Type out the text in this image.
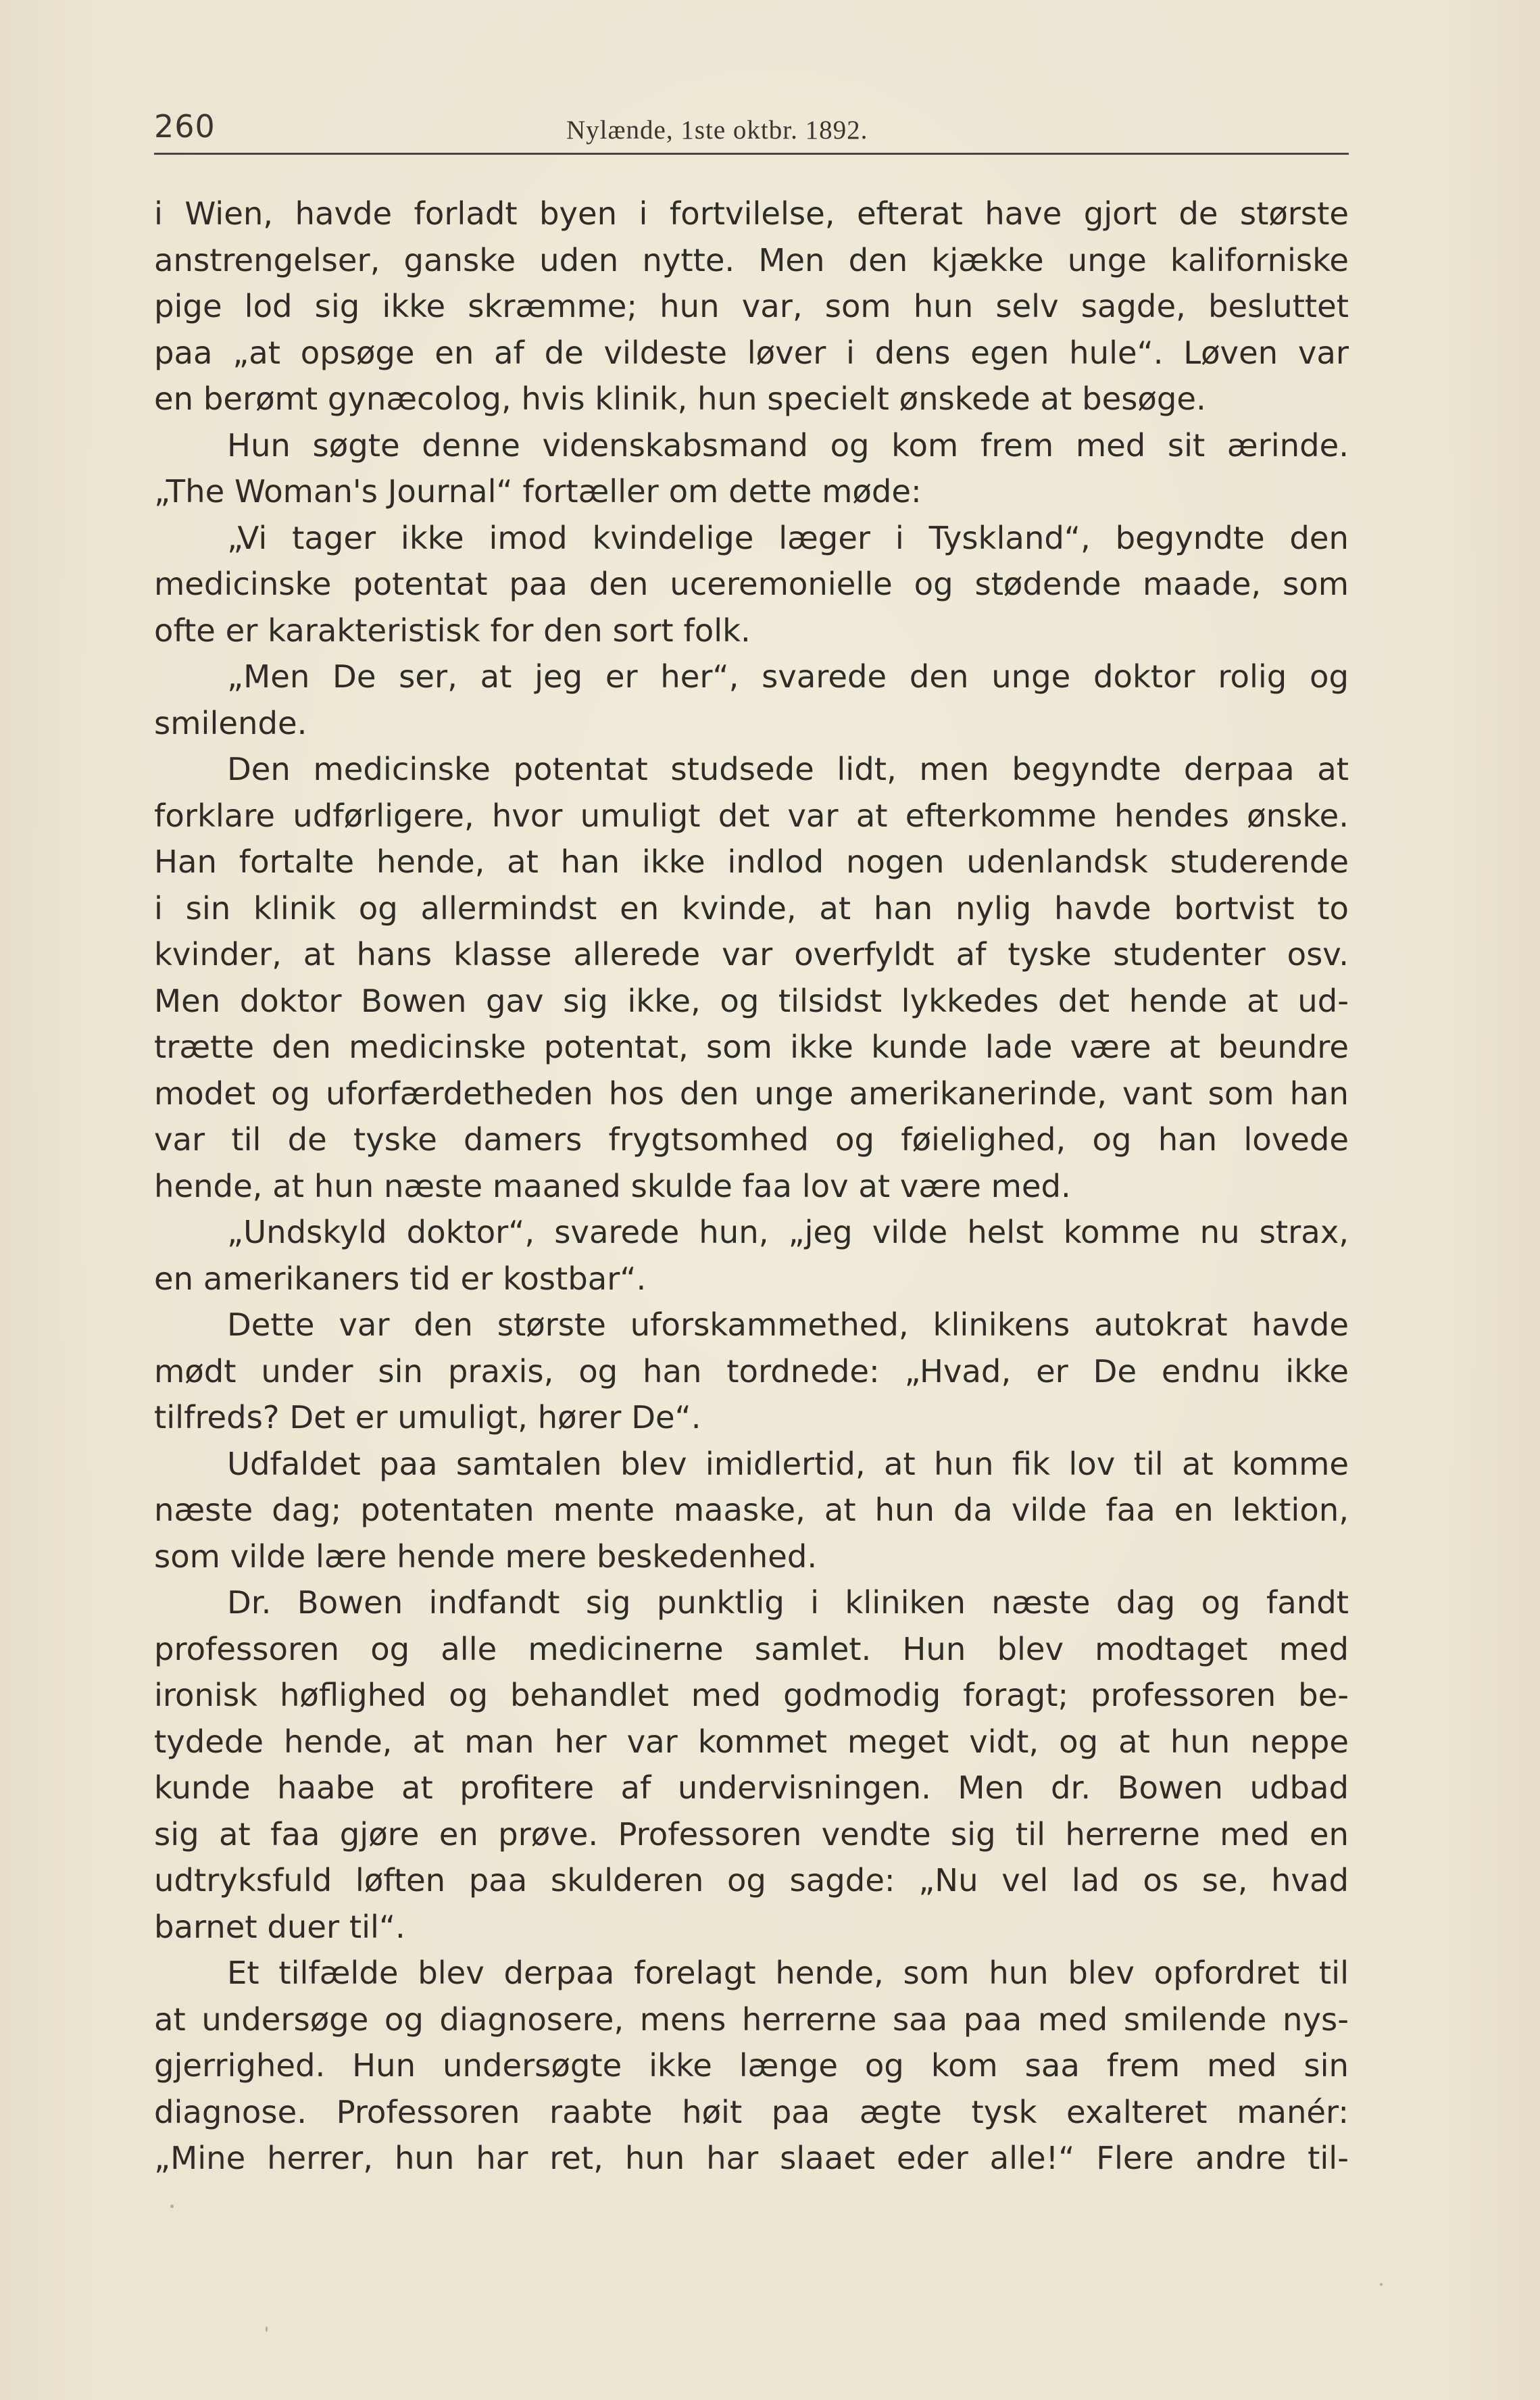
260	Nylænde, 1ste oktbr. 1892.
i Wien, havde forladt byen i fortvilelse, efterat have gjort de største
anstrengelser, ganske uden nytte. Men den kjække unge kaliforniske
pige lod sig ikke skræmme; hun var, som hun selv sagde, besluttet
paa „at opsøge en af de vildeste løver i dens egen hule“. Løven var
en berømt gynæcolog, hvis klinik, hun specielt ønskede at besøge.
Hun søgte denne videnskabsmand og kom frem med sit ærinde.
„The Woman's Journal“ fortæller om dette møde:
„Vi tager ikke imod kvindelige læger i Tyskland“, begyndte den
medicinske potentat paa den uceremonielle og stødende maade, som
ofte er karakteristisk for den sort folk.
„Men De ser, at jeg er her“, svarede den unge doktor rolig og
smilende.
Den medicinske potentat studsede lidt, men begyndte derpaa at
forklare udførligere, hvor umuligt det var at efterkomme hendes ønske.
Han fortalte hende, at han ikke indlod nogen udenlandsk studerende
i sin klinik og allermindst en kvinde, at han nylig havde bortvist to
kvinder, at hans klasse allerede var overfyldt af tyske studenter osv.
Men doktor Bowen gav sig ikke, og tilsidst lykkedes det hende at ud-
trætte den medicinske potentat, som ikke kunde lade være at beundre
modet og uforfærdetheden hos den unge amerikanerinde, vant som han
var til de tyske damers frygtsomhed og føielighed, og han lovede
hende, at hun næste maaned skulde faa lov at være med.
„Undskyld doktor“, svarede hun, „jeg vilde helst komme nu strax,
en amerikaners tid er kostbar“.
Dette var den største uforskammethed, klinikens autokrat havde
mødt under sin praxis, og han tordnede: „Hvad, er De endnu ikke
tilfreds? Det er umuligt, hører De“.
Udfaldet paa samtalen blev imidlertid, at hun fik lov til at komme
næste dag; potentaten mente maaske, at hun da vilde faa en lektion,
som vilde lære hende mere beskedenhed.
Dr. Bowen indfandt sig punktlig i kliniken næste dag og fandt
professoren og alle medicinerne samlet. Hun blev modtaget med
ironisk høflighed og behandlet med godmodig foragt; professoren be-
tydede hende, at man her var kommet meget vidt, og at hun neppe
kunde haabe at profitere af undervisningen. Men dr. Bowen udbad
sig at faa gjøre en prøve. Professoren vendte sig til herrerne med en
udtryksfuld løften paa skulderen og sagde: „Nu vel lad os se, hvad
barnet duer til“.
Et tilfælde blev derpaa forelagt hende, som hun blev opfordret til
at undersøge og diagnosere, mens herrerne saa paa med smilende nys-
gjerrighed. Hun undersøgte ikke længe og kom saa frem med sin
diagnose. Professoren raabte høit paa ægte tysk exalteret manér:
„Mine herrer, hun har ret, hun har slaaet eder alle!“ Flere andre til-
